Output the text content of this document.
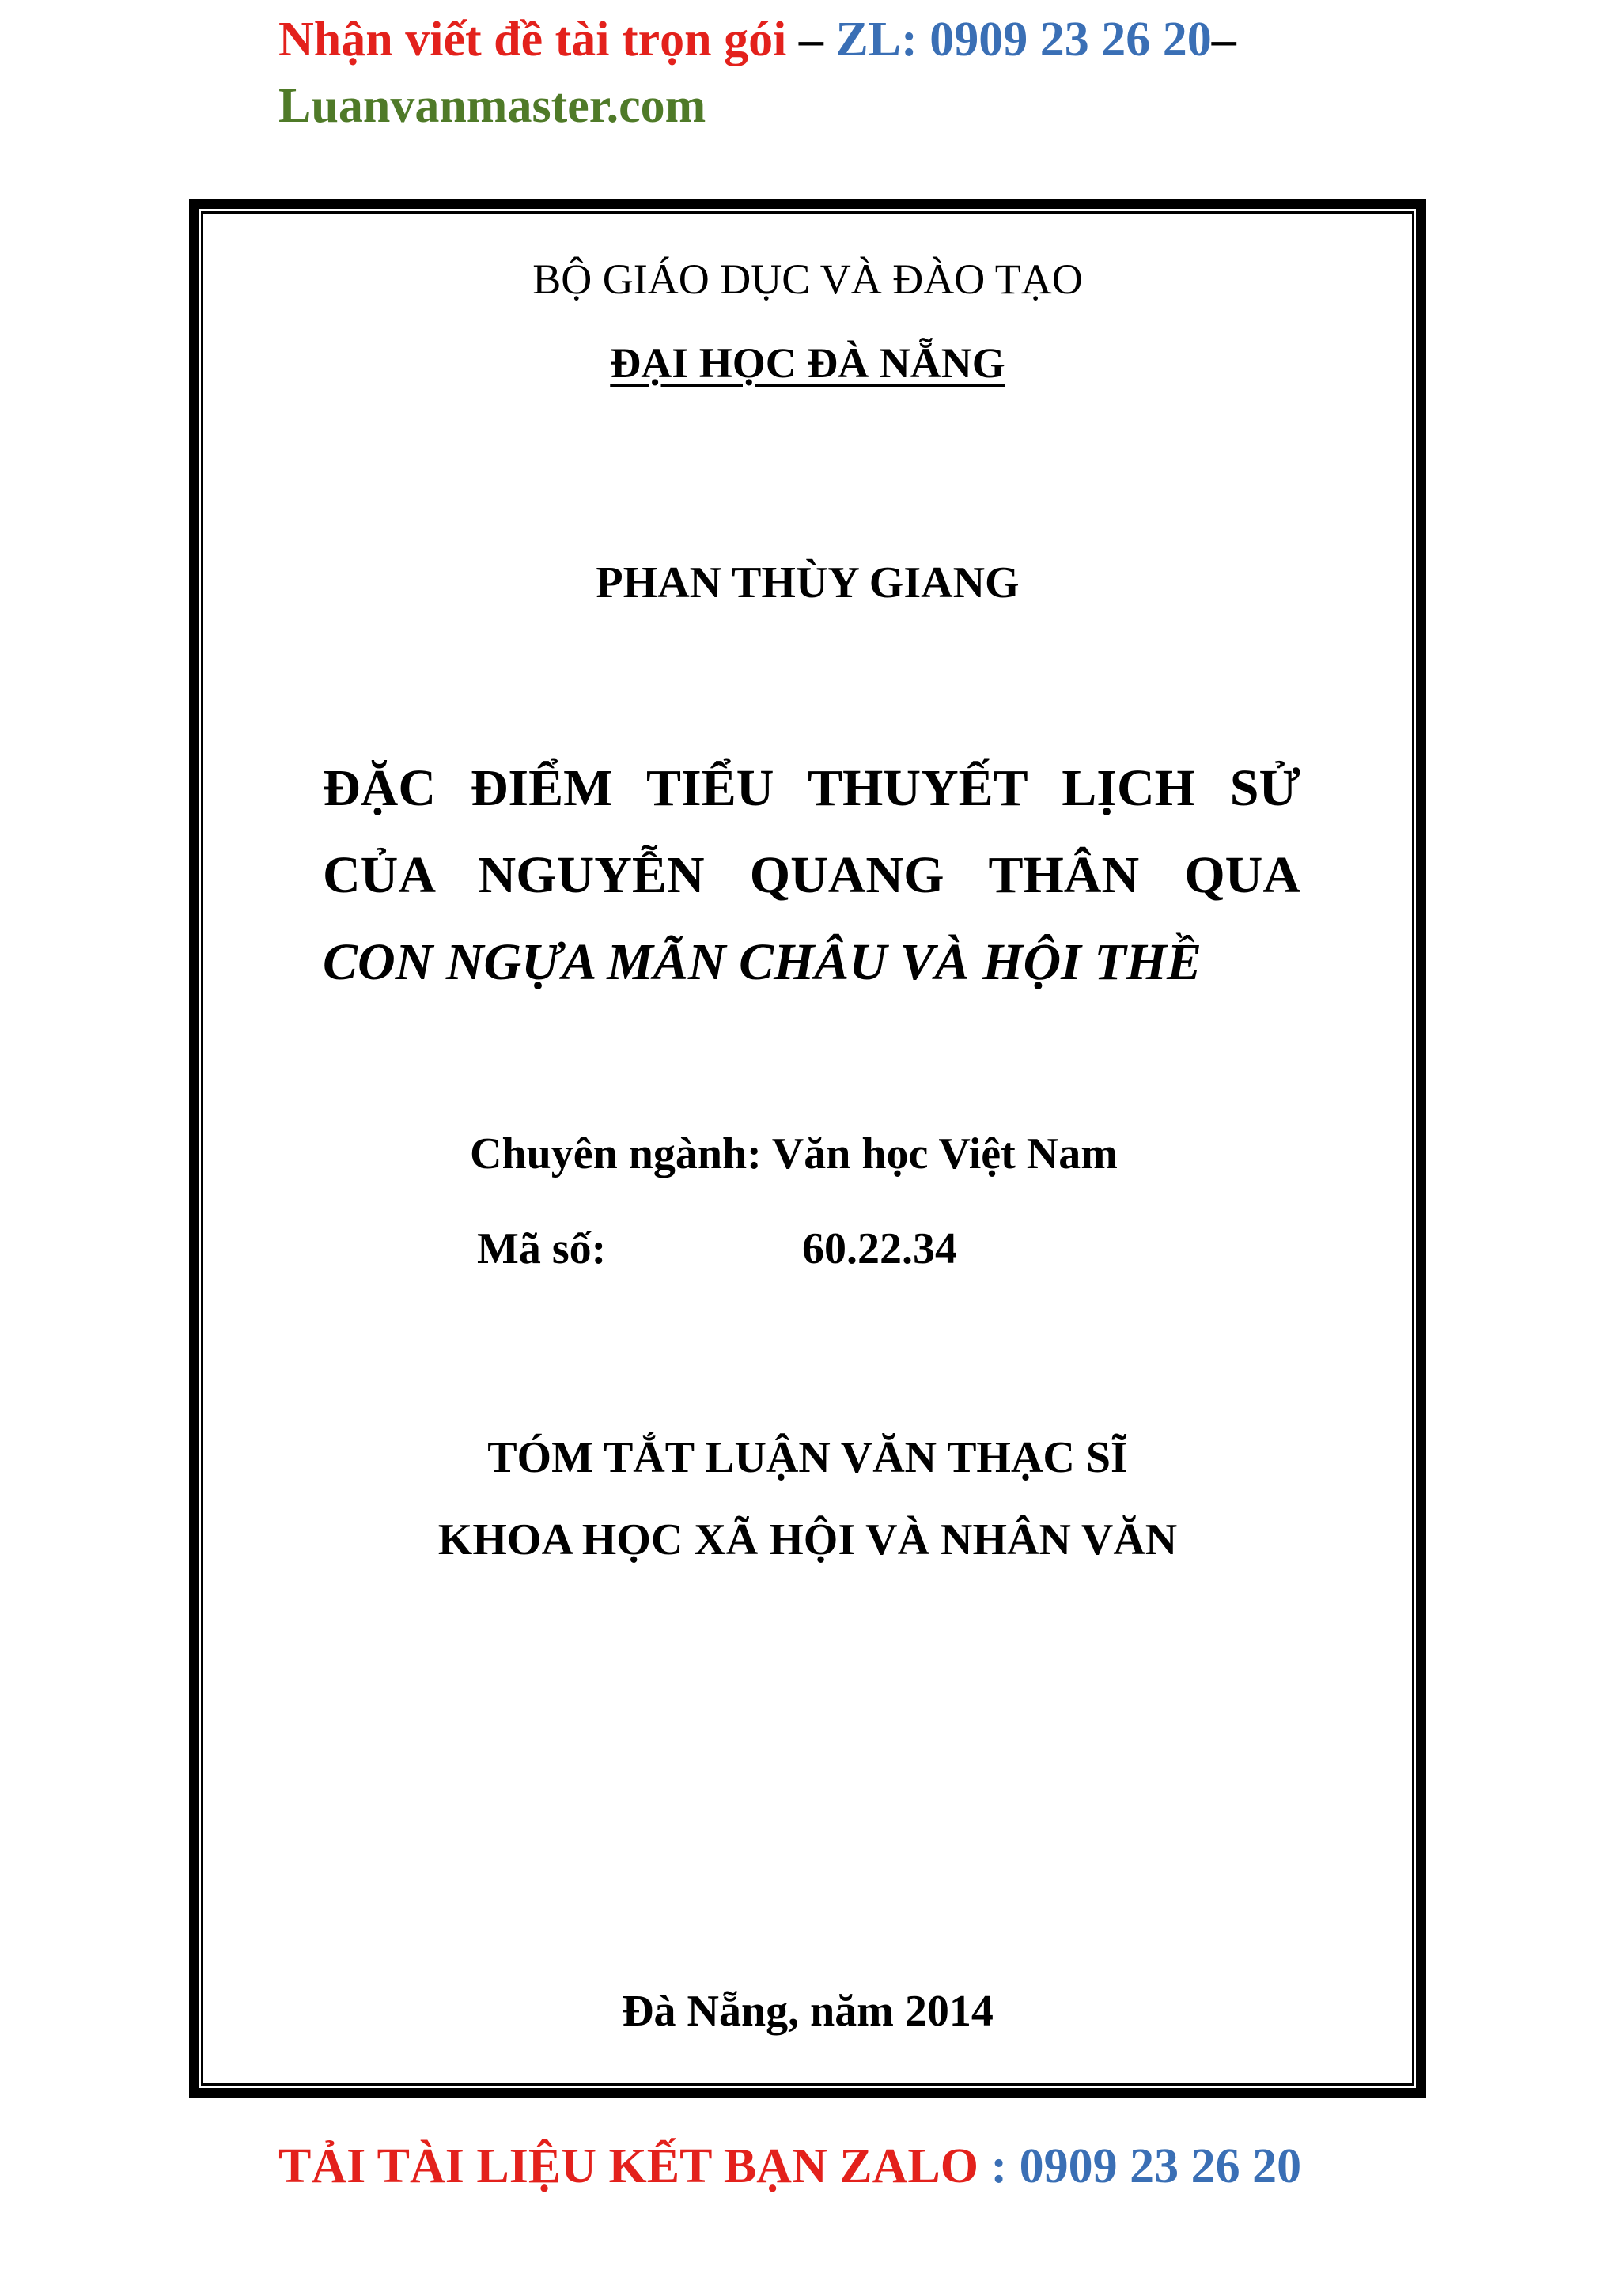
Nhận viết đề tài trọn gói – ZL: 0909 23 26 20–
Luanvanmaster.com
BỘ GIÁO DỤC VÀ ĐÀO TẠO
ĐẠI HỌC ĐÀ NẴNG
PHAN THÙY GIANG
ĐẶC ĐIỂM TIỂU THUYẾT LỊCH SỬ
CỦA NGUYỄN QUANG THÂN QUA
CON NGỰA MÃN CHÂU VÀ HỘI THỀ
Chuyên ngành: Văn học Việt Nam
Mã số:	60.22.34
TÓM TẮT LUẬN VĂN THẠC SĨ
KHOA HỌC XÃ HỘI VÀ NHÂN VĂN
Đà Nẵng, năm 2014
TẢI TÀI LIỆU KẾT BẠN ZALO : 0909 23 26 20
